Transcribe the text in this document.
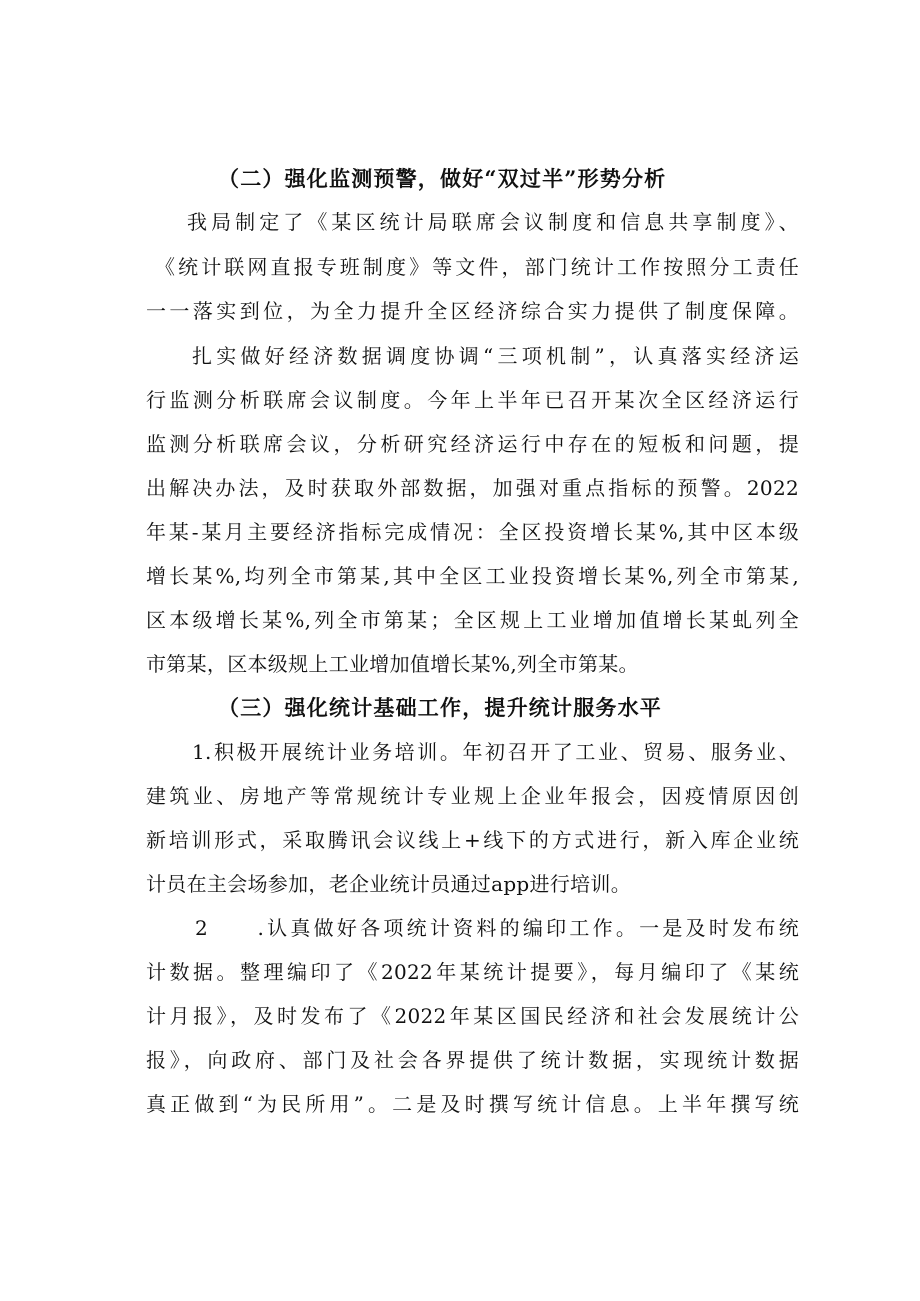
（二）强化监测预警，做好“双过半”形势分析
我局制定了《某区统计局联席会议制度和信息共享制度》、
《统计联网直报专班制度》等文件，部门统计工作按照分工责任
一一落实到位，为全力提升全区经济综合实力提供了制度保障。
扎实做好经济数据调度协调“三项机制”，认真落实经济运
行监测分析联席会议制度。今年上半年已召开某次全区经济运行
监测分析联席会议，分析研究经济运行中存在的短板和问题，提
出解决办法，及时获取外部数据，加强对重点指标的预警。2022
年某-某月主要经济指标完成情况：全区投资增长某%,其中区本级
增长某%,均列全市第某,其中全区工业投资增长某%,列全市第某,
区本级增长某%,列全市第某；全区规上工业增加值增长某虬列全
市第某，区本级规上工业增加值增长某%,列全市第某。
（三）强化统计基础工作，提升统计服务水平
1.积极开展统计业务培训。年初召开了工业、贸易、服务业、
建筑业、房地产等常规统计专业规上企业年报会，因疫情原因创
新培训形式，采取腾讯会议线上+线下的方式进行，新入库企业统
计员在主会场参加，老企业统计员通过app进行培训。
2　　.认真做好各项统计资料的编印工作。一是及时发布统
计数据。整理编印了《2022年某统计提要》，每月编印了《某统
计月报》，及时发布了《2022年某区国民经济和社会发展统计公
报》，向政府、部门及社会各界提供了统计数据，实现统计数据
真正做到“为民所用”。二是及时撰写统计信息。上半年撰写统
